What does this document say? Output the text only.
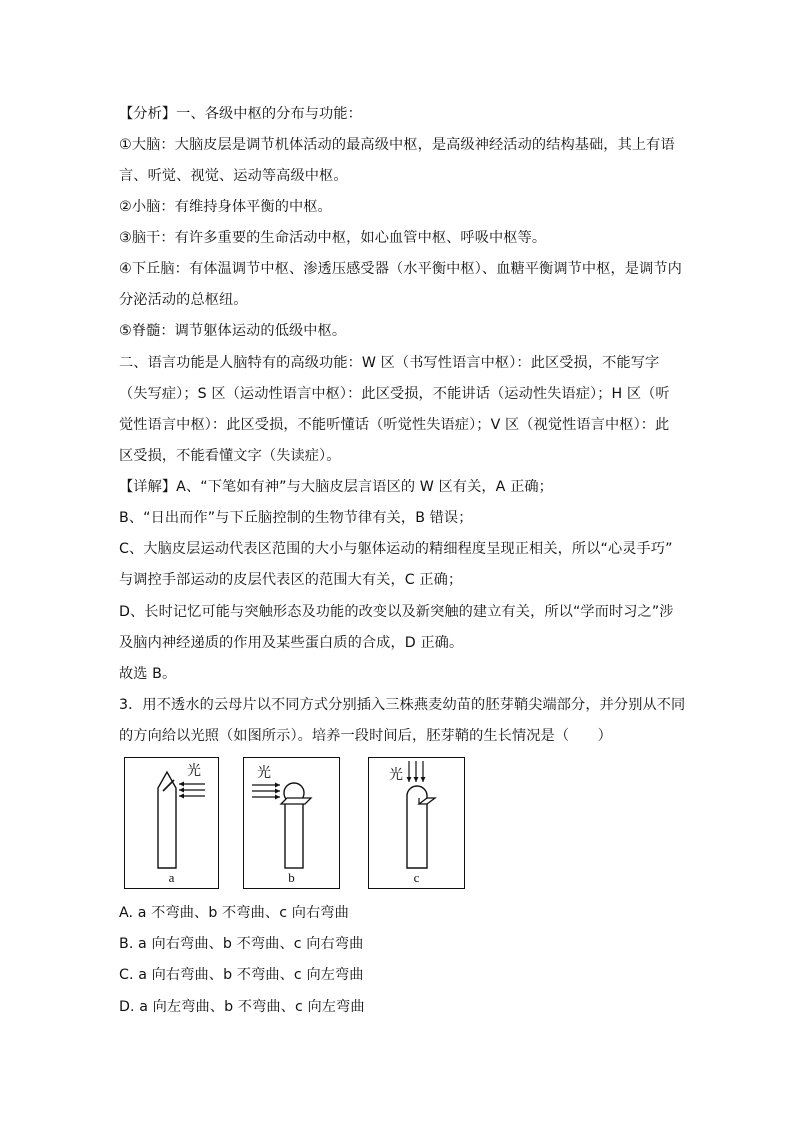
【分析】一、各级中枢的分布与功能：
①大脑：大脑皮层是调节机体活动的最高级中枢，是高级神经活动的结构基础，其上有语
言、听觉、视觉、运动等高级中枢。
②小脑：有维持身体平衡的中枢。
③脑干：有许多重要的生命活动中枢，如心血管中枢、呼吸中枢等。
④下丘脑：有体温调节中枢、渗透压感受器（水平衡中枢）、血糖平衡调节中枢，是调节内
分泌活动的总枢纽。
⑤脊髓：调节躯体运动的低级中枢。
二、语言功能是人脑特有的高级功能：W 区（书写性语言中枢）：此区受损，不能写字
（失写症）；S 区（运动性语言中枢）：此区受损，不能讲话（运动性失语症）；H 区（听
觉性语言中枢）：此区受损，不能听懂话（听觉性失语症）；V 区（视觉性语言中枢）：此
区受损，不能看懂文字（失读症）。
【详解】A、“下笔如有神”与大脑皮层言语区的 W 区有关，A 正确；
B、“日出而作”与下丘脑控制的生物节律有关，B 错误；
C、大脑皮层运动代表区范围的大小与躯体运动的精细程度呈现正相关，所以“心灵手巧”
与调控手部运动的皮层代表区的范围大有关，C 正确；
D、长时记忆可能与突触形态及功能的改变以及新突触的建立有关，所以“学而时习之”涉
及脑内神经递质的作用及某些蛋白质的合成，D 正确。
故选 B。
3．用不透水的云母片以不同方式分别插入三株燕麦幼苗的胚芽鞘尖端部分，并分别从不同
的方向给以光照（如图所示）。培养一段时间后，胚芽鞘的生长情况是（　　）
光
a
光
b
光
c
A. a 不弯曲、b 不弯曲、c 向右弯曲
B. a 向右弯曲、b 不弯曲、c 向右弯曲
C. a 向右弯曲、b 不弯曲、c 向左弯曲
D. a 向左弯曲、b 不弯曲、c 向左弯曲
